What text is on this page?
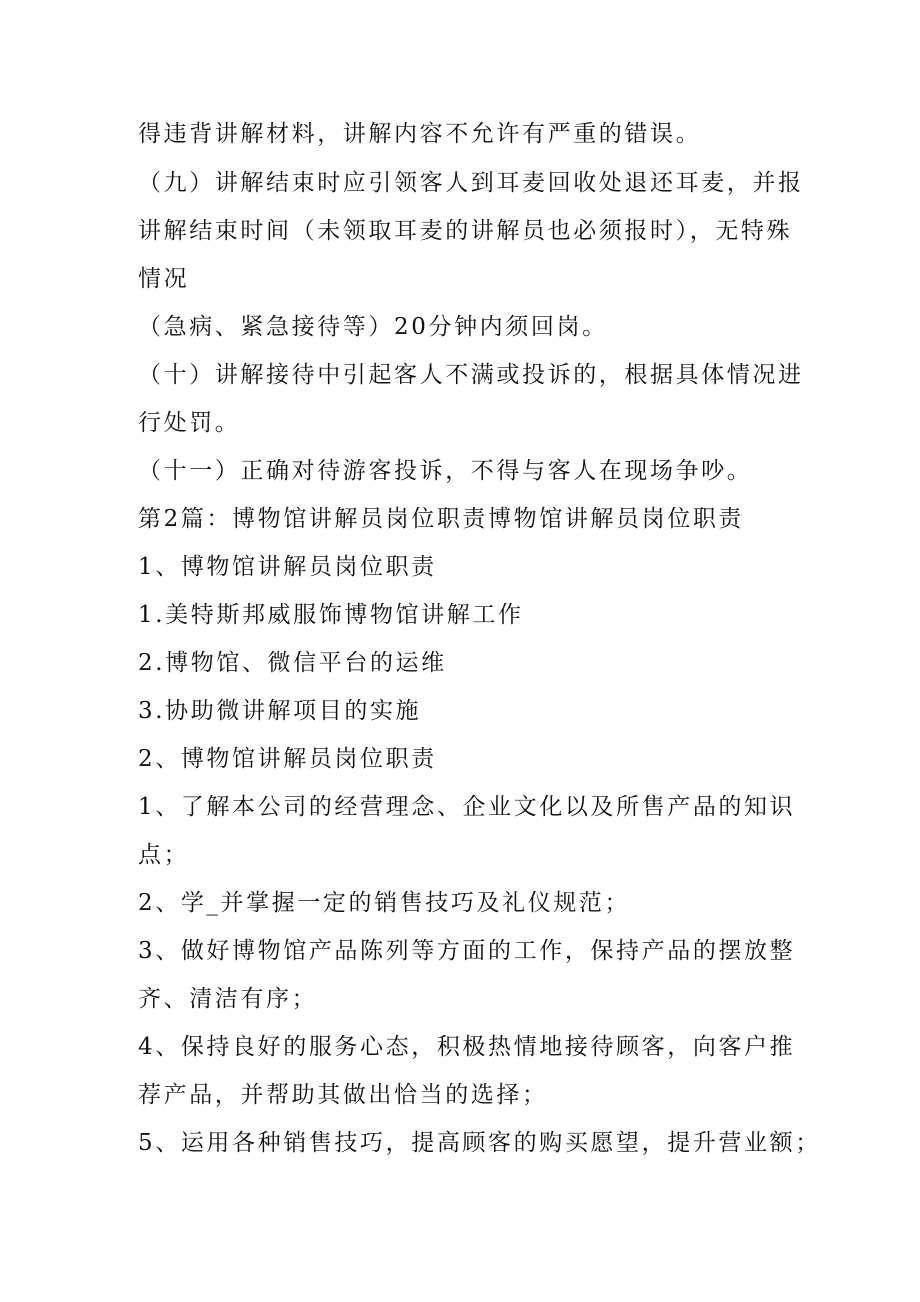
得违背讲解材料，讲解内容不允许有严重的错误。
（九）讲解结束时应引领客人到耳麦回收处退还耳麦，并报
讲解结束时间（未领取耳麦的讲解员也必须报时），无特殊
情况
（急病、紧急接待等）20分钟内须回岗。
（十）讲解接待中引起客人不满或投诉的，根据具体情况进
行处罚。
（十一）正确对待游客投诉，不得与客人在现场争吵。
第2篇：博物馆讲解员岗位职责博物馆讲解员岗位职责
1、博物馆讲解员岗位职责
1.美特斯邦威服饰博物馆讲解工作
2.博物馆、微信平台的运维
3.协助微讲解项目的实施
2、博物馆讲解员岗位职责
1、了解本公司的经营理念、企业文化以及所售产品的知识
点；
2、学_并掌握一定的销售技巧及礼仪规范；
3、做好博物馆产品陈列等方面的工作，保持产品的摆放整
齐、清洁有序；
4、保持良好的服务心态，积极热情地接待顾客，向客户推
荐产品，并帮助其做出恰当的选择；
5、运用各种销售技巧，提高顾客的购买愿望，提升营业额；
